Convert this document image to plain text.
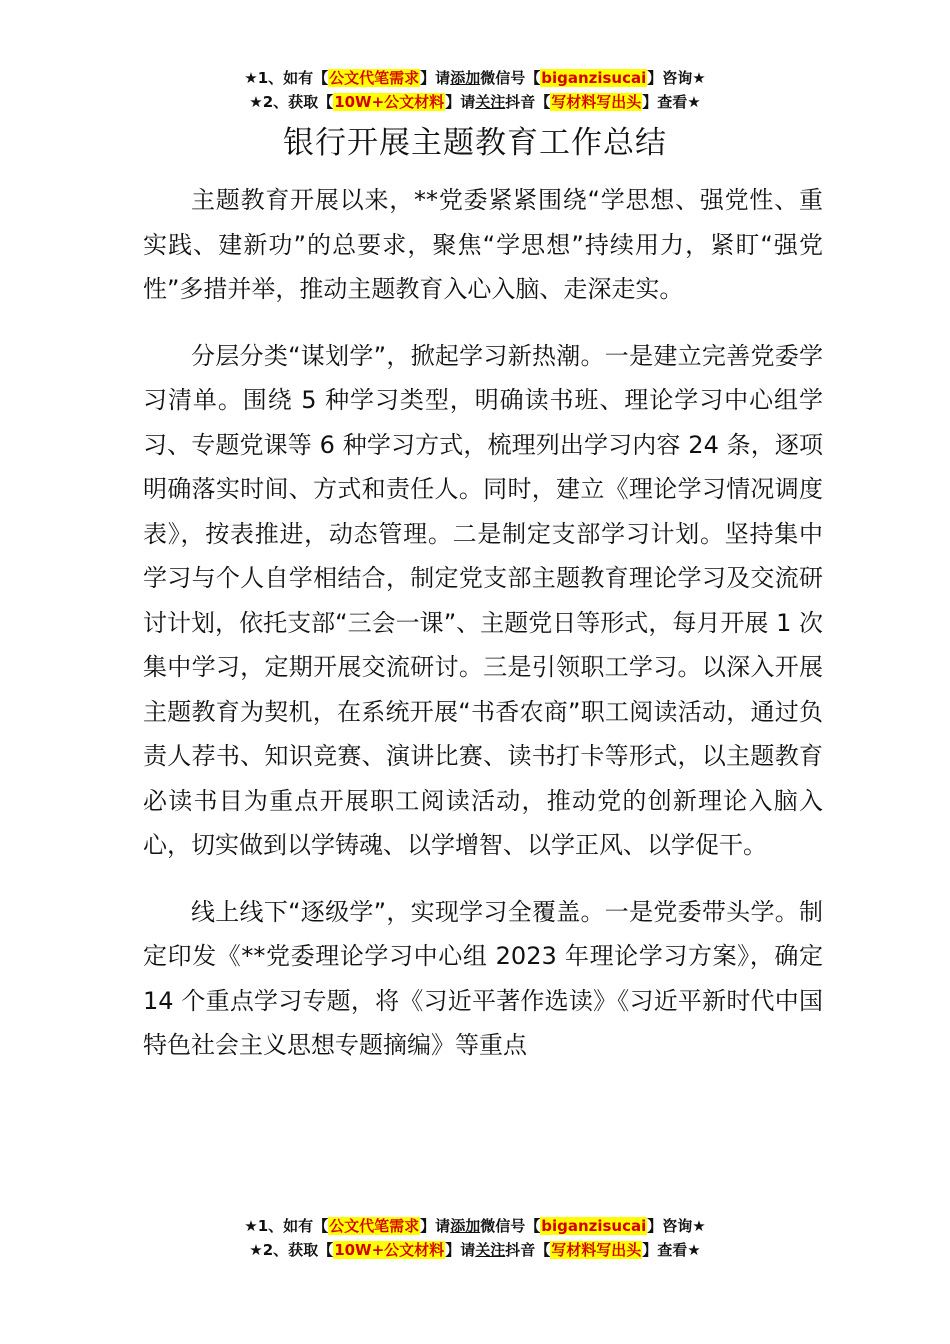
★1、如有【公文代笔需求】请添加微信号【biganzisucai】咨询★
★2、获取【10W+公文材料】请关注抖音【写材料写出头】查看★
银行开展主题教育工作总结

主题教育开展以来，**党委紧紧围绕“学思想、强党性、重实践、建新功”的总要求，聚焦“学思想”持续用力，紧盯“强党性”多措并举，推动主题教育入心入脑、走深走实。

分层分类“谋划学”，掀起学习新热潮。一是建立完善党委学习清单。围绕 5 种学习类型，明确读书班、理论学习中心组学习、专题党课等 6 种学习方式，梳理列出学习内容 24 条，逐项明确落实时间、方式和责任人。同时，建立《理论学习情况调度表》，按表推进，动态管理。二是制定支部学习计划。坚持集中学习与个人自学相结合，制定党支部主题教育理论学习及交流研讨计划，依托支部“三会一课”、主题党日等形式，每月开展 1 次集中学习，定期开展交流研讨。三是引领职工学习。以深入开展主题教育为契机，在系统开展“书香农商”职工阅读活动，通过负责人荐书、知识竞赛、演讲比赛、读书打卡等形式，以主题教育必读书目为重点开展职工阅读活动，推动党的创新理论入脑入心，切实做到以学铸魂、以学增智、以学正风、以学促干。

线上线下“逐级学”，实现学习全覆盖。一是党委带头学。制定印发《**党委理论学习中心组 2023 年理论学习方案》，确定 14 个重点学习专题，将《习近平著作选读》《习近平新时代中国特色社会主义思想专题摘编》等重点

★1、如有【公文代笔需求】请添加微信号【biganzisucai】咨询★
★2、获取【10W+公文材料】请关注抖音【写材料写出头】查看★
